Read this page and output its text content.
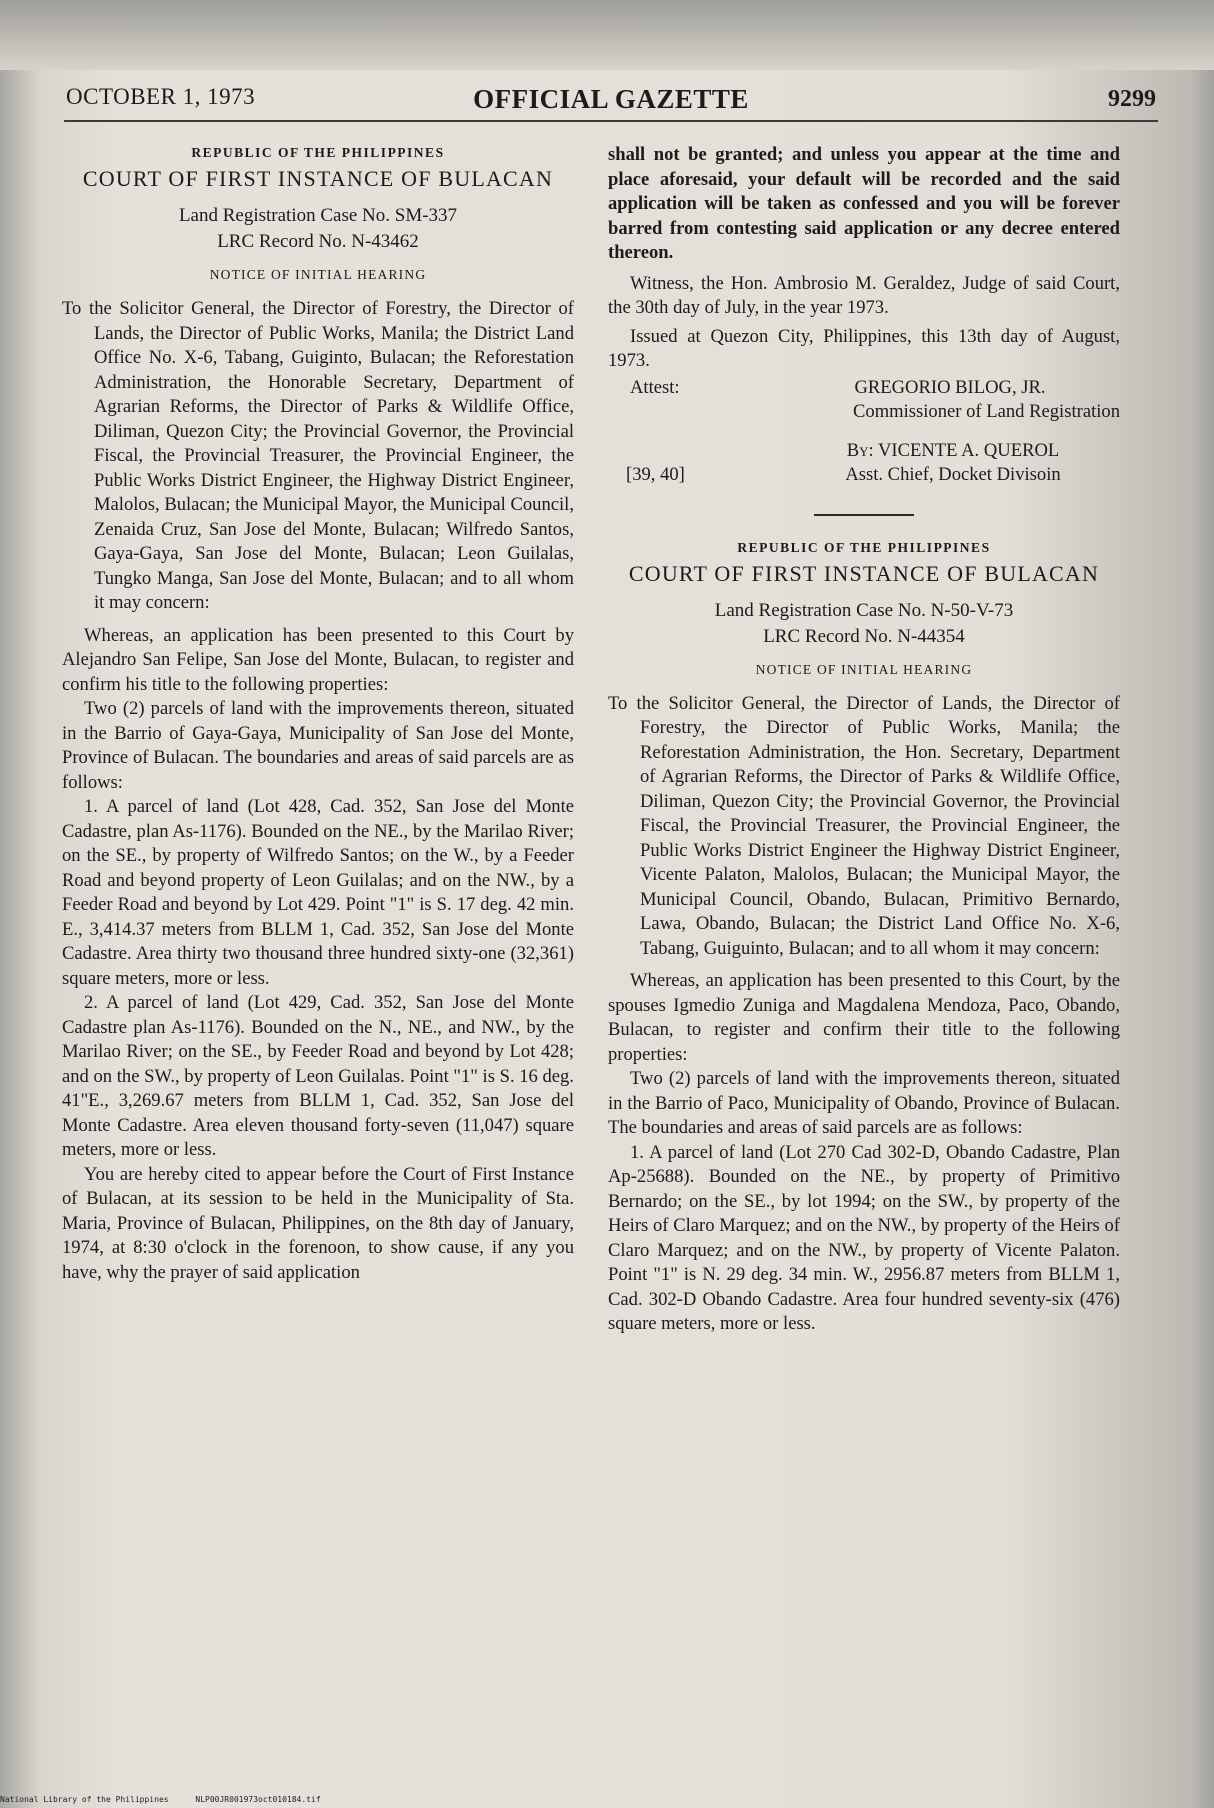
OCTOBER 1, 1973	OFFICIAL GAZETTE	9299
REPUBLIC OF THE PHILIPPINES
COURT OF FIRST INSTANCE OF BULACAN
Land Registration Case No. SM-337
LRC Record No. N-43462
NOTICE OF INITIAL HEARING
To the Solicitor General, the Director of Forestry, the Director of Lands, the Director of Public Works, Manila; the District Land Office No. X-6, Tabang, Guiginto, Bulacan; the Reforestation Administration, the Honorable Secretary, Department of Agrarian Reforms, the Director of Parks & Wildlife Office, Diliman, Quezon City; the Provincial Governor, the Provincial Fiscal, the Provincial Treasurer, the Provincial Engineer, the Public Works District Engineer, the Highway District Engineer, Malolos, Bulacan; the Municipal Mayor, the Municipal Council, Zenaida Cruz, San Jose del Monte, Bulacan; Wilfredo Santos, Gaya-Gaya, San Jose del Monte, Bulacan; Leon Guilalas, Tungko Manga, San Jose del Monte, Bulacan; and to all whom it may concern:

Whereas, an application has been presented to this Court by Alejandro San Felipe, San Jose del Monte, Bulacan, to register and confirm his title to the following properties:

Two (2) parcels of land with the improvements thereon, situated in the Barrio of Gaya-Gaya, Municipality of San Jose del Monte, Province of Bulacan. The boundaries and areas of said parcels are as follows:

1. A parcel of land (Lot 428, Cad. 352, San Jose del Monte Cadastre, plan As-1176). Bounded on the NE., by the Marilao River; on the SE., by property of Wilfredo Santos; on the W., by a Feeder Road and beyond property of Leon Guilalas; and on the NW., by a Feeder Road and beyond by Lot 429. Point "1" is S. 17 deg. 42 min. E., 3,414.37 meters from BLLM 1, Cad. 352, San Jose del Monte Cadastre. Area thirty two thousand three hundred sixty-one (32,361) square meters, more or less.

2. A parcel of land (Lot 429, Cad. 352, San Jose del Monte Cadastre plan As-1176). Bounded on the N., NE., and NW., by the Marilao River; on the SE., by Feeder Road and beyond by Lot 428; and on the SW., by property of Leon Guilalas. Point "1" is S. 16 deg. 41"E., 3,269.67 meters from BLLM 1, Cad. 352, San Jose del Monte Cadastre. Area eleven thousand forty-seven (11,047) square meters, more or less.

You are hereby cited to appear before the Court of First Instance of Bulacan, at its session to be held in the Municipality of Sta. Maria, Province of Bulacan, Philippines, on the 8th day of January, 1974, at 8:30 o'clock in the forenoon, to show cause, if any you have, why the prayer of said application

shall not be granted; and unless you appear at the time and place aforesaid, your default will be recorded and the said application will be taken as confessed and you will be forever barred from contesting said application or any decree entered thereon.

Witness, the Hon. Ambrosio M. Geraldez, Judge of said Court, the 30th day of July, in the year 1973.

Issued at Quezon City, Philippines, this 13th day of August, 1973.

Attest:	GREGORIO BILOG, JR.

Commissioner of Land Registration

[39, 40]
By: VICENTE A. QUEROL
Asst. Chief, Docket Divisoin
REPUBLIC OF THE PHILIPPINES
COURT OF FIRST INSTANCE OF BULACAN
Land Registration Case No. N-50-V-73
LRC Record No. N-44354
NOTICE OF INITIAL HEARING
To the Solicitor General, the Director of Lands, the Director of Forestry, the Director of Public Works, Manila; the Reforestation Administration, the Hon. Secretary, Department of Agrarian Reforms, the Director of Parks & Wildlife Office, Diliman, Quezon City; the Provincial Governor, the Provincial Fiscal, the Provincial Treasurer, the Provincial Engineer, the Public Works District Engineer the Highway District Engineer, Vicente Palaton, Malolos, Bulacan; the Municipal Mayor, the Municipal Council, Obando, Bulacan, Primitivo Bernardo, Lawa, Obando, Bulacan; the District Land Office No. X-6, Tabang, Guiguinto, Bulacan; and to all whom it may concern:

Whereas, an application has been presented to this Court, by the spouses Igmedio Zuniga and Magdalena Mendoza, Paco, Obando, Bulacan, to register and confirm their title to the following properties:

Two (2) parcels of land with the improvements thereon, situated in the Barrio of Paco, Municipality of Obando, Province of Bulacan. The boundaries and areas of said parcels are as follows:

1. A parcel of land (Lot 270 Cad 302-D, Obando Cadastre, Plan Ap-25688). Bounded on the NE., by property of Primitivo Bernardo; on the SE., by lot 1994; on the SW., by property of the Heirs of Claro Marquez; and on the NW., by property of the Heirs of Claro Marquez; and on the NW., by property of Vicente Palaton. Point "1" is N. 29 deg. 34 min. W., 2956.87 meters from BLLM 1, Cad. 302-D Obando Cadastre. Area four hundred seventy-six (476) square meters, more or less.

National Library of the Philippines	NLP00JR001973oct010184.tif
